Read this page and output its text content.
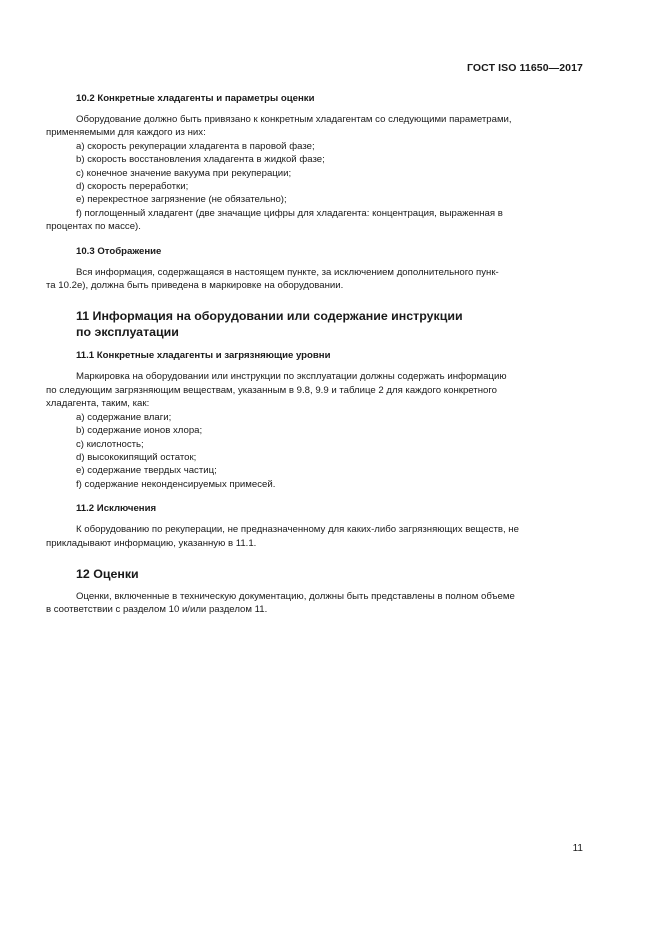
ГОСТ ISO 11650—2017
10.2 Конкретные хладагенты и параметры оценки
Оборудование должно быть привязано к конкретным хладагентам со следующими параметрами,
применяемыми для каждого из них:
a) скорость рекуперации хладагента в паровой фазе;
b) скорость восстановления хладагента в жидкой фазе;
c) конечное значение вакуума при рекуперации;
d) скорость переработки;
e) перекрестное загрязнение (не обязательно);
f) поглощенный хладагент (две значащие цифры для хладагента: концентрация, выраженная в
процентах по массе).
10.3 Отображение
Вся информация, содержащаяся в настоящем пункте, за исключением дополнительного пунк-
та 10.2е), должна быть приведена в маркировке на оборудовании.
11 Информация на оборудовании или содержание инструкции
по эксплуатации
11.1 Конкретные хладагенты и загрязняющие уровни
Маркировка на оборудовании или инструкции по эксплуатации должны содержать информацию
по следующим загрязняющим веществам, указанным в 9.8, 9.9 и таблице 2 для каждого конкретного
хладагента, таким, как:
a) содержание влаги;
b) содержание ионов хлора;
c) кислотность;
d) высококипящий остаток;
e) содержание твердых частиц;
f) содержание неконденсируемых примесей.
11.2 Исключения
К оборудованию по рекуперации, не предназначенному для каких-либо загрязняющих веществ, не
прикладывают информацию, указанную в 11.1.
12 Оценки
Оценки, включенные в техническую документацию, должны быть представлены в полном объеме
в соответствии с разделом 10 и/или разделом 11.
11
